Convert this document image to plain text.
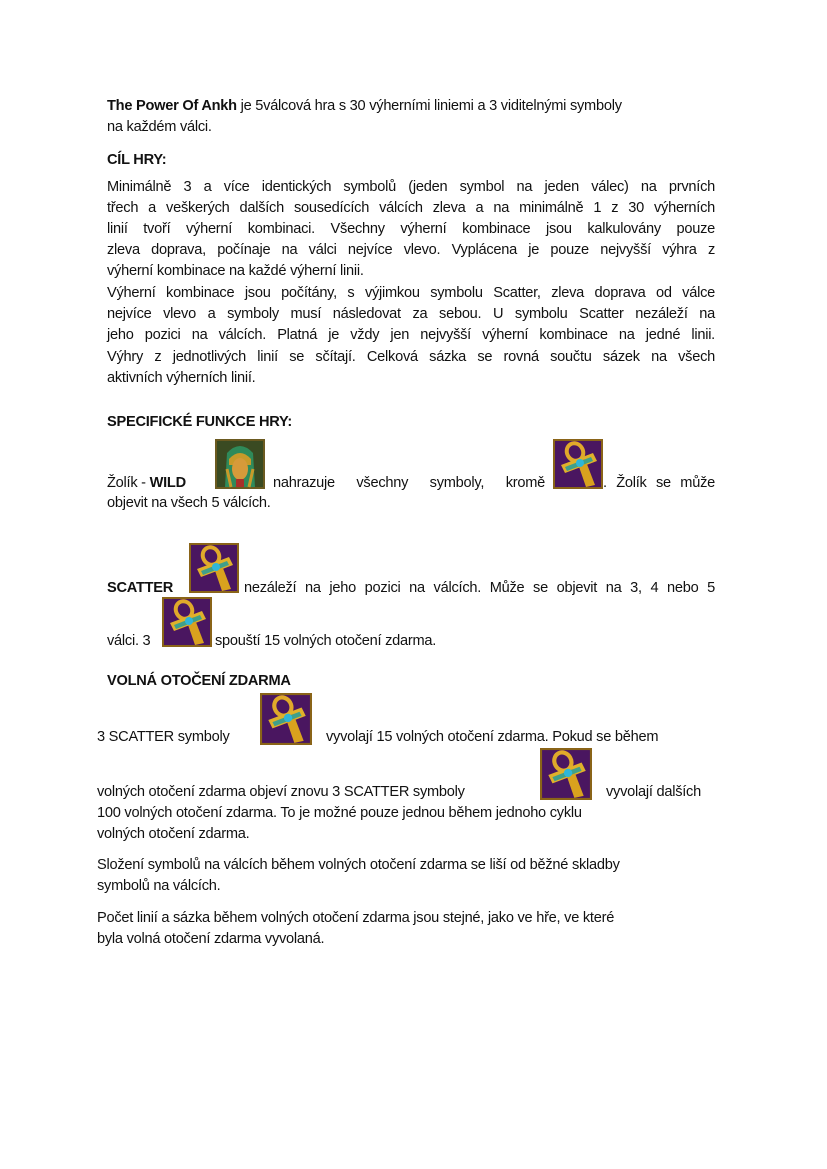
The Power Of Ankh je 5válcová hra s 30 výherními liniemi a 3 viditelnými symboly
na každém válci.
CÍL HRY:
Minimálně 3 a více identických symbolů (jeden symbol na jeden válec) na prvních
třech a veškerých dalších sousedících válcích zleva a na minimálně 1 z 30 výherních
linií tvoří výherní kombinaci. Všechny výherní kombinace jsou kalkulovány pouze
zleva doprava, počínaje na válci nejvíce vlevo. Vyplácena je pouze nejvyšší výhra z
výherní kombinace na každé výherní linii.
Výherní kombinace jsou počítány, s výjimkou symbolu Scatter, zleva doprava od válce
nejvíce vlevo a symboly musí následovat za sebou. U symbolu Scatter nezáleží na
jeho pozici na válcích. Platná je vždy jen nejvyšší výherní kombinace na jedné linii.
Výhry z jednotlivých linií se sčítají. Celková sázka se rovná součtu sázek na všech
aktivních výherních linií.
SPECIFICKÉ FUNKCE HRY:
Žolík - WILD	nahrazuje všechny symboly, kromě	. Žolík se může
objevit na všech 5 válcích.
SCATTER	nezáleží na jeho pozici na válcích. Může se objevit na 3, 4 nebo 5
válci. 3	spouští 15 volných otočení zdarma.
VOLNÁ OTOČENÍ ZDARMA
3 SCATTER symboly	vyvolají 15 volných otočení zdarma. Pokud se během
volných otočení zdarma objeví znovu 3 SCATTER symboly	vyvolají dalších
100 volných otočení zdarma. To je možné pouze jednou během jednoho cyklu
volných otočení zdarma.
Složení symbolů na válcích během volných otočení zdarma se liší od běžné skladby
symbolů na válcích.
Počet linií a sázka během volných otočení zdarma jsou stejné, jako ve hře, ve které
byla volná otočení zdarma vyvolaná.
